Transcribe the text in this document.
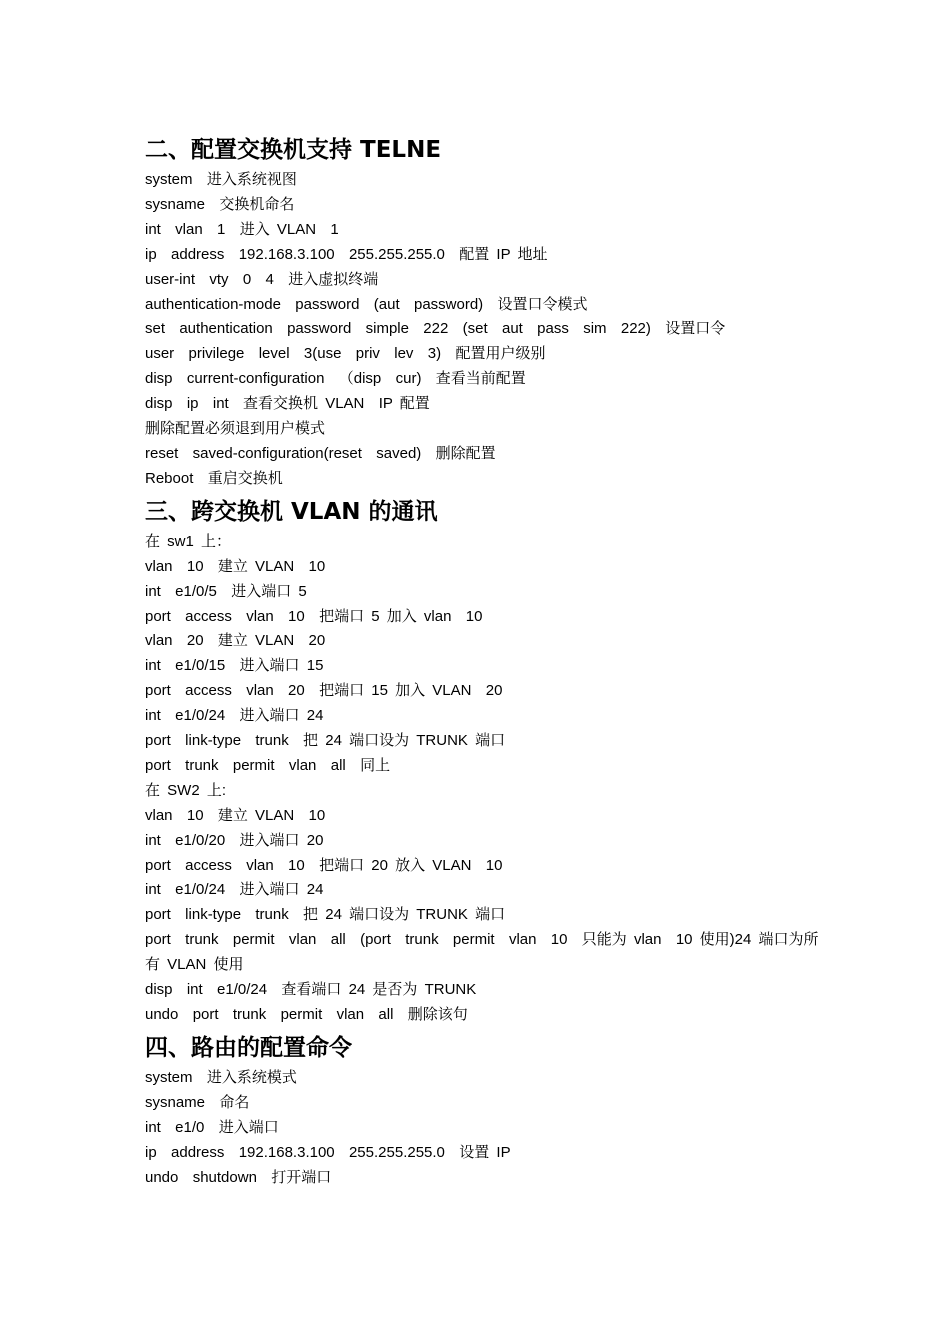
二、配置交换机支持 TELNE

system  进入系统视图

sysname  交换机命名

int  vlan  1  进入 VLAN  1

ip  address  192.168.3.100  255.255.255.0  配置 IP 地址

user-int  vty  0  4  进入虚拟终端

authentication-mode  password  (aut  password)  设置口令模式

set  authentication  password  simple  222  (set  aut  pass  sim  222)  设置口令

user  privilege  level  3(use  priv  lev  3)  配置用户级别

disp  current-configuration  （disp  cur)  查看当前配置

disp  ip  int  查看交换机 VLAN  IP 配置

删除配置必须退到用户模式

reset  saved-configuration(reset  saved)  删除配置

Reboot  重启交换机

三、跨交换机 VLAN 的通讯

在 sw1 上：

vlan  10  建立 VLAN  10

int  e1/0/5  进入端口 5

port  access  vlan  10  把端口 5 加入 vlan  10

vlan  20  建立 VLAN  20

int  e1/0/15  进入端口 15

port  access  vlan  20  把端口 15 加入 VLAN  20

int  e1/0/24  进入端口 24

port  link-type  trunk  把 24 端口设为 TRUNK 端口

port  trunk  permit  vlan  all  同上

在 SW2 上:

vlan  10  建立 VLAN  10

int  e1/0/20  进入端口 20

port  access  vlan  10  把端口 20 放入 VLAN  10

int  e1/0/24  进入端口 24

port  link-type  trunk  把 24 端口设为 TRUNK 端口

port  trunk  permit  vlan  all  (port  trunk  permit  vlan  10  只能为 vlan  10 使用)24 端口为所有 VLAN 使用

disp  int  e1/0/24  查看端口 24 是否为 TRUNK

undo  port  trunk  permit  vlan  all  删除该句

四、路由的配置命令

system  进入系统模式

sysname  命名

int  e1/0  进入端口

ip  address  192.168.3.100  255.255.255.0  设置 IP

undo  shutdown  打开端口
